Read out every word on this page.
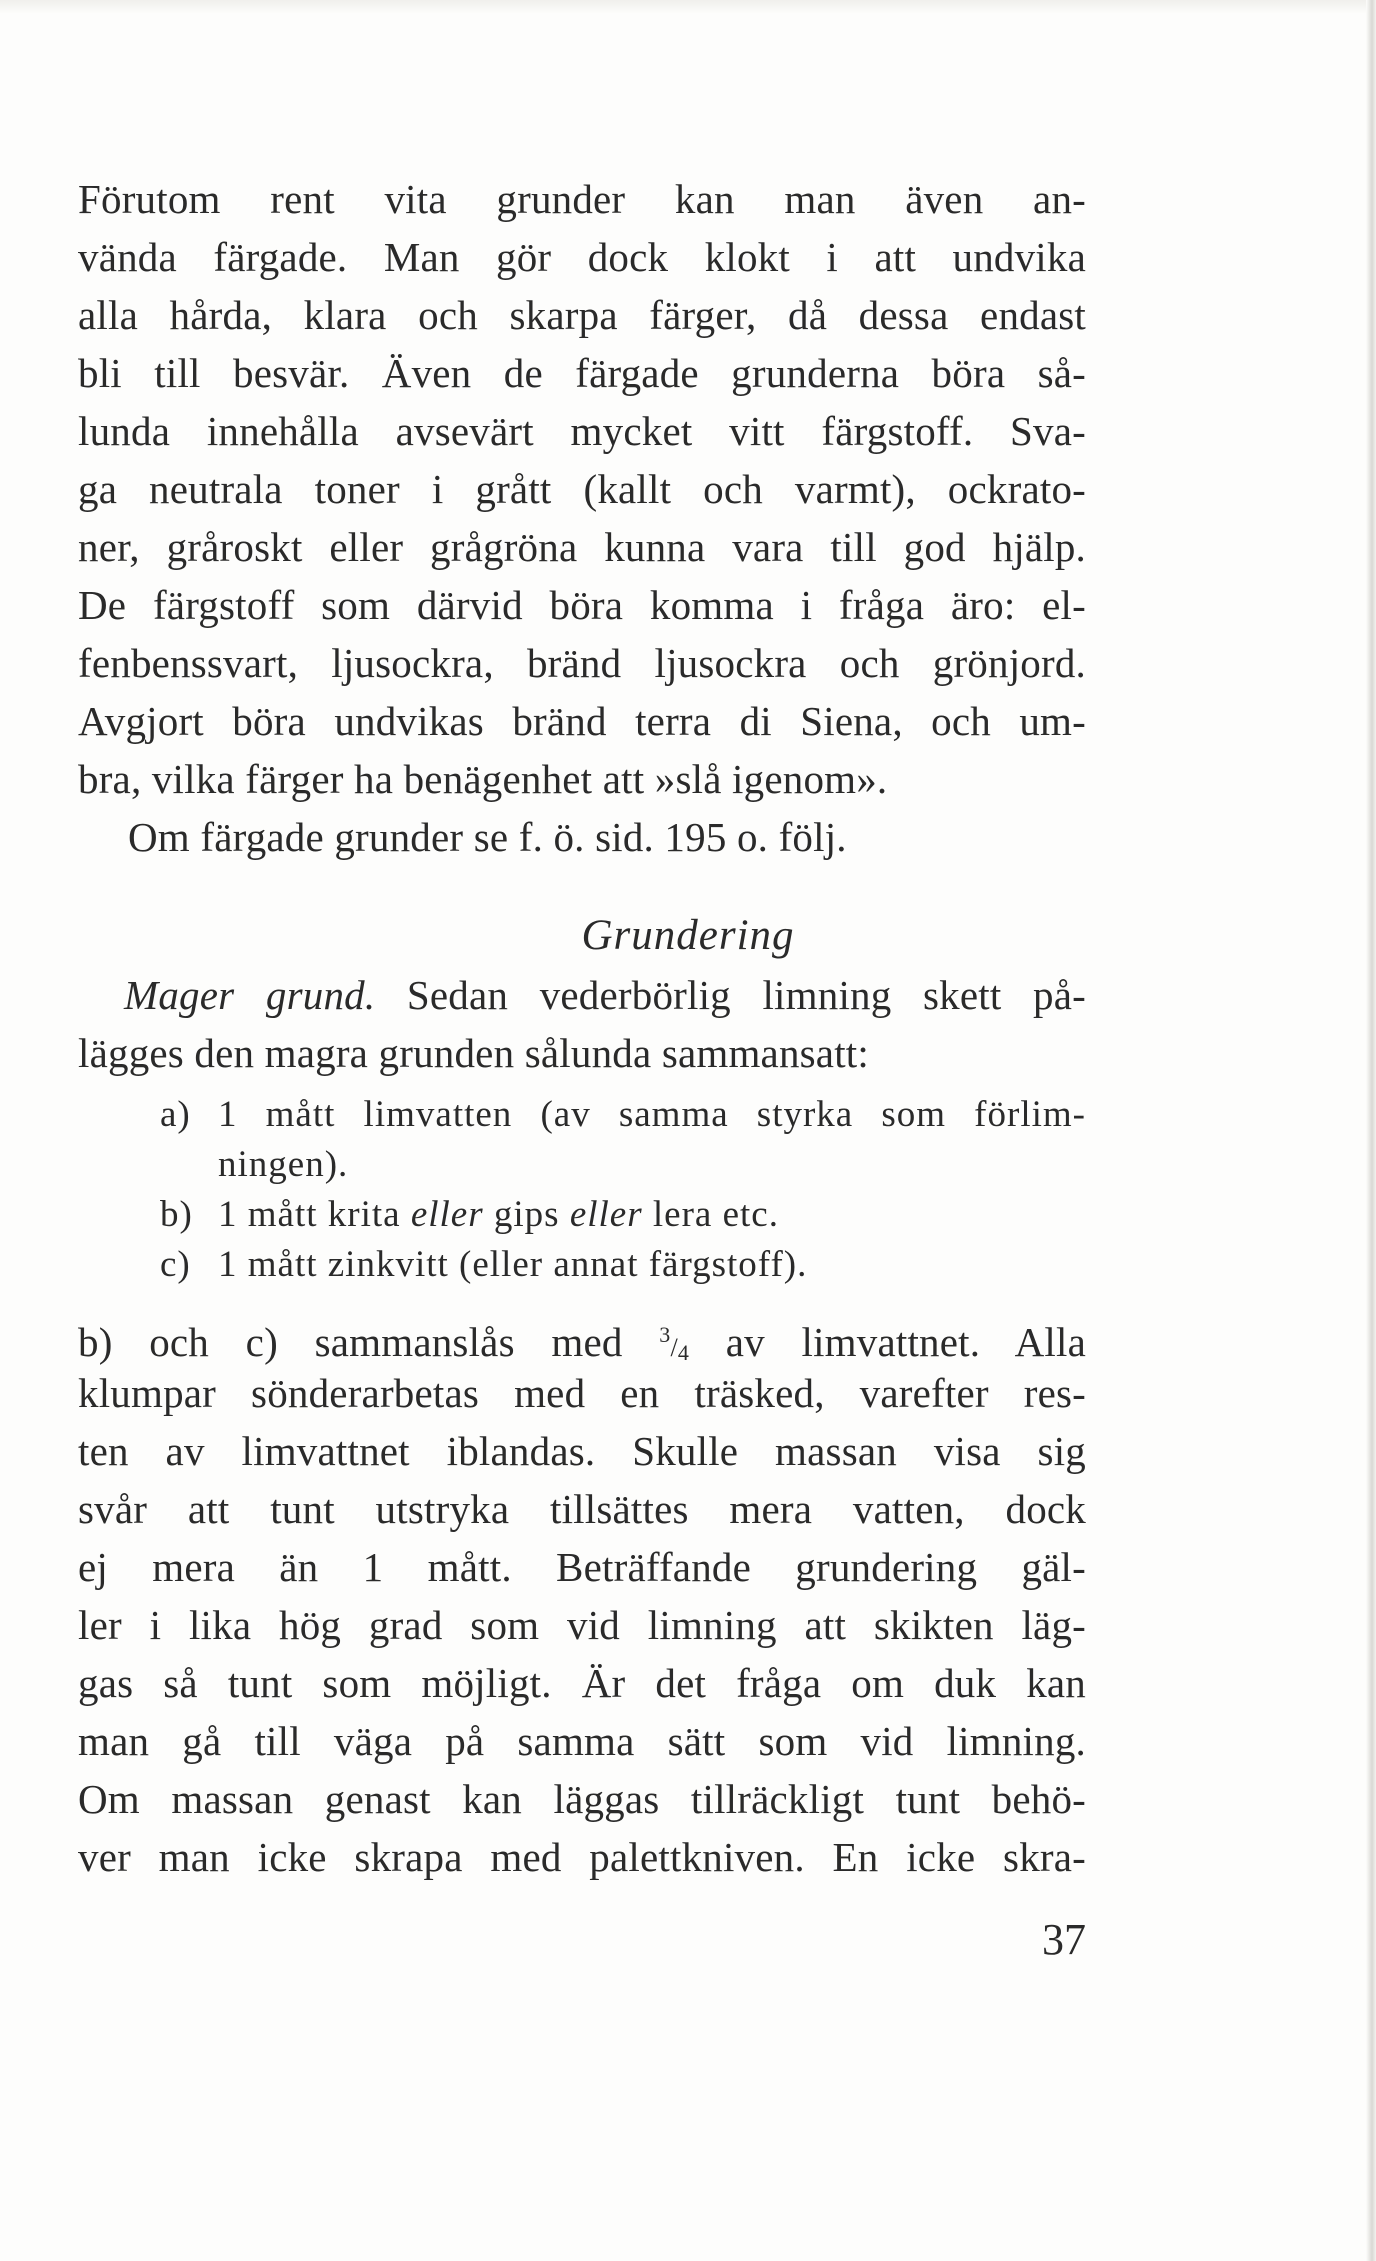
Förutom rent vita grunder kan man även an-
vända färgade. Man gör dock klokt i att undvika
alla hårda, klara och skarpa färger, då dessa endast
bli till besvär. Även de färgade grunderna böra så-
lunda innehålla avsevärt mycket vitt färgstoff. Sva-
ga neutrala toner i grått (kallt och varmt), ockrato-
ner, gråroskt eller grågröna kunna vara till god hjälp.
De färgstoff som därvid böra komma i fråga äro: el-
fenbenssvart, ljusockra, bränd ljusockra och grönjord.
Avgjort böra undvikas bränd terra di Siena, och um-
bra, vilka färger ha benägenhet att »slå igenom».
Om färgade grunder se f. ö. sid. 195 o. följ.
Grundering
Mager grund. Sedan vederbörlig limning skett på-
lägges den magra grunden sålunda sammansatt:
a) 1 mått limvatten (av samma styrka som förlim-
ningen).
b) 1 mått krita eller gips eller lera etc.
c) 1 mått zinkvitt (eller annat färgstoff).
b) och c) sammanslås med $^3/_4$ av limvattnet. Alla
klumpar sönderarbetas med en träsked, varefter res-
ten av limvattnet iblandas. Skulle massan visa sig
svår att tunt utstryka tillsättes mera vatten, dock
ej mera än 1 mått. Beträffande grundering gäl-
ler i lika hög grad som vid limning att skikten läg-
gas så tunt som möjligt. Är det fråga om duk kan
man gå till väga på samma sätt som vid limning.
Om massan genast kan läggas tillräckligt tunt behö-
ver man icke skrapa med palettkniven. En icke skra-
37
